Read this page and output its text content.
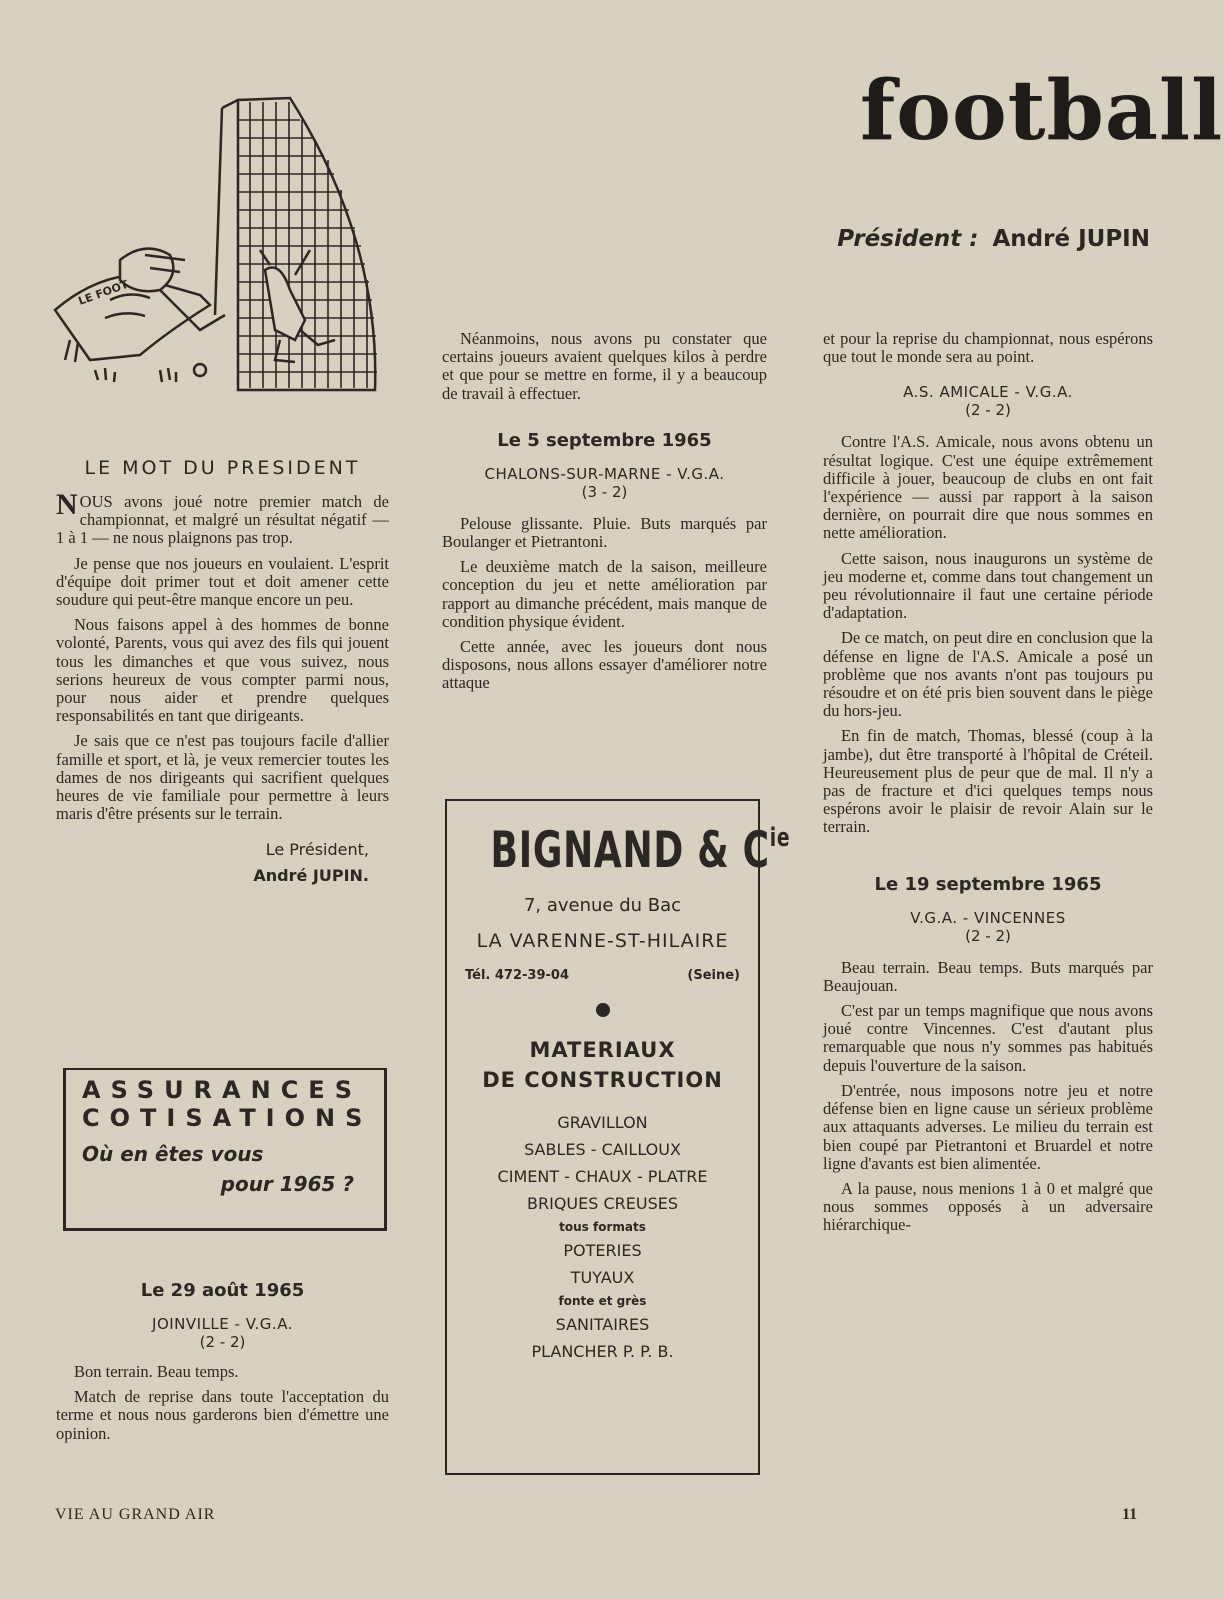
LE FOOT
football
Président : André JUPIN
LE MOT DU PRESIDENT

NOUS avons joué notre premier match de championnat, et malgré un résultat négatif — 1 à 1 — ne nous plaignons pas trop.

Je pense que nos joueurs en voulaient. L'esprit d'équipe doit primer tout et doit amener cette soudure qui peut-être manque encore un peu.

Nous faisons appel à des hommes de bonne volonté, Parents, vous qui avez des fils qui jouent tous les dimanches et que vous suivez, nous serions heureux de vous compter parmi nous, pour nous aider et prendre quelques responsabilités en tant que dirigeants.

Je sais que ce n'est pas toujours facile d'allier famille et sport, et là, je veux remercier toutes les dames de nos dirigeants qui sacrifient quelques heures de vie familiale pour permettre à leurs maris d'être présents sur le terrain.

Le Président,
André JUPIN.
ASSURANCES
COTISATIONS
Où en êtes vous
pour 1965 ?
Le 29 août 1965
JOINVILLE - V.G.A.
(2 - 2)

Bon terrain. Beau temps.

Match de reprise dans toute l'acceptation du terme et nous nous garderons bien d'émettre une opinion.

Néanmoins, nous avons pu constater que certains joueurs avaient quelques kilos à perdre et que pour se mettre en forme, il y a beaucoup de travail à effectuer.

Le 5 septembre 1965
CHALONS-SUR-MARNE - V.G.A.
(3 - 2)

Pelouse glissante. Pluie. Buts marqués par Boulanger et Pietrantoni.

Le deuxième match de la saison, meilleure conception du jeu et nette amélioration par rapport au dimanche précédent, mais manque de condition physique évident.

Cette année, avec les joueurs dont nous disposons, nous allons essayer d'améliorer notre attaque

BIGNAND & $C^{ie}$
7, avenue du Bac
LA VARENNE-ST-HILAIRE
Tél. 472-39-04	(Seine)
MATERIAUX
DE CONSTRUCTION
GRAVILLON
SABLES - CAILLOUX
CIMENT - CHAUX - PLATRE
BRIQUES CREUSES
tous formats
POTERIES
TUYAUX
fonte et grès
SANITAIRES
PLANCHER P. P. B.

et pour la reprise du championnat, nous espérons que tout le monde sera au point.

A.S. AMICALE - V.G.A.
(2 - 2)

Contre l'A.S. Amicale, nous avons obtenu un résultat logique. C'est une équipe extrêmement difficile à jouer, beaucoup de clubs en ont fait l'expérience — aussi par rapport à la saison dernière, on pourrait dire que nous sommes en nette amélioration.

Cette saison, nous inaugurons un système de jeu moderne et, comme dans tout changement un peu révolutionnaire il faut une certaine période d'adaptation.

De ce match, on peut dire en conclusion que la défense en ligne de l'A.S. Amicale a posé un problème que nos avants n'ont pas toujours pu résoudre et on été pris bien souvent dans le piège du hors-jeu.

En fin de match, Thomas, blessé (coup à la jambe), dut être transporté à l'hôpital de Créteil. Heureusement plus de peur que de mal. Il n'y a pas de fracture et d'ici quelques temps nous espérons avoir le plaisir de revoir Alain sur le terrain.

Le 19 septembre 1965
V.G.A. - VINCENNES
(2 - 2)

Beau terrain. Beau temps. Buts marqués par Beaujouan.

C'est par un temps magnifique que nous avons joué contre Vincennes. C'est d'autant plus remarquable que nous n'y sommes pas habitués depuis l'ouverture de la saison.

D'entrée, nous imposons notre jeu et notre défense bien en ligne cause un sérieux problème aux attaquants adverses. Le milieu du terrain est bien coupé par Pietrantoni et Bruardel et notre ligne d'avants est bien alimentée.

A la pause, nous menions 1 à 0 et malgré que nous sommes opposés à un adversaire hiérarchique-

VIE AU GRAND AIR	11
